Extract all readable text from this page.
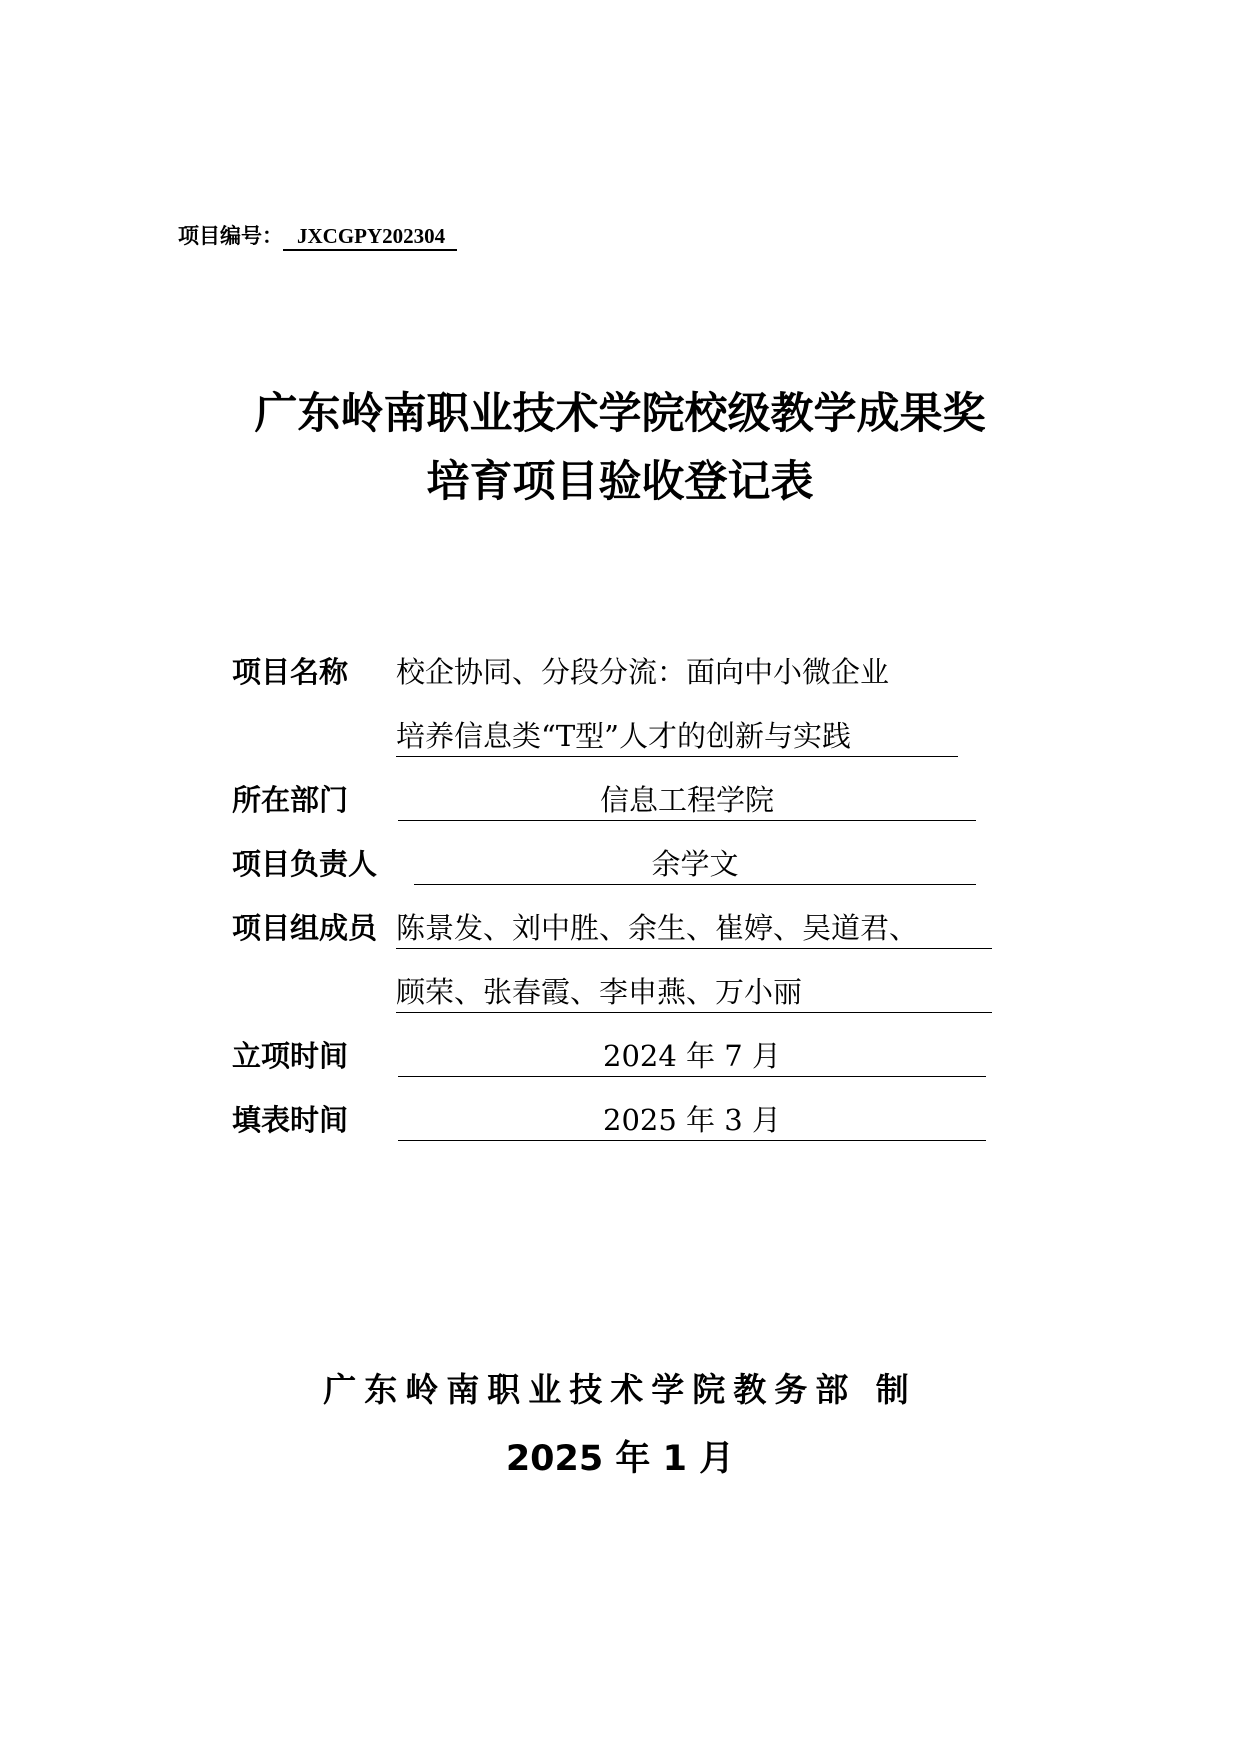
项目编号： JXCGPY202304
广东岭南职业技术学院校级教学成果奖
培育项目验收登记表
项目名称 校企协同、分段分流：面向中小微企业
培养信息类“T型”人才的创新与实践
所在部门	信息工程学院
项目负责人	余学文
项目组成员 陈景发、刘中胜、余生、崔婷、吴道君、
顾荣、张春霞、李申燕、万小丽
立项时间	2024 年 7 月
填表时间	2025 年 3 月
广东岭南职业技术学院教务部 制
2025 年 1 月
